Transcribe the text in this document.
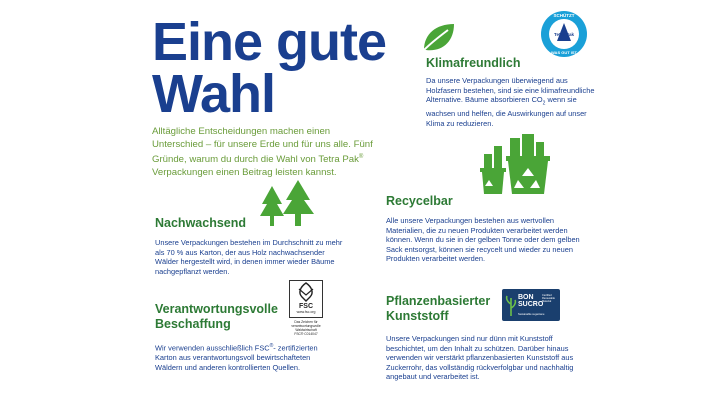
Eine gute
Wahl
Alltägliche Entscheidungen machen einen Unterschied – für unsere Erde und für uns alle. Fünf Gründe, warum du durch die Wahl von Tetra Pak® Verpackungen einen Beitrag leisten kannst.
Nachwachsend
Unsere Verpackungen bestehen im Durchschnitt zu mehr als 70 % aus Karton, der aus Holz nachwachsender Wälder hergestellt wird, in denen immer wieder Bäume nachgepflanzt werden.
Verantwortungsvolle
Beschaffung
Wir verwenden ausschließlich FSC®- zertifizierten Karton aus verantwortungsvoll bewirtschafteten Wäldern und anderen kontrollierten Quellen.
FSC
www.fsc.org
Das Zeichen für verantwortungsvolle Waldwirtschaft
FSC® C014047
Klimafreundlich
Da unsere Verpackungen überwiegend aus Holzfasern bestehen, sind sie eine klimafreundliche Alternative. Bäume absorbieren $CO_2$ wenn sie wachsen und helfen, die Auswirkungen auf unser Klima zu reduzieren.
SCHÜTZT
Tetra Pak
WAS GUT IST
Recycelbar
Alle unsere Verpackungen bestehen aus wertvollen Materialien, die zu neuen Produkten verarbeitet werden können. Wenn du sie in der gelben Tonne oder dem gelben Sack entsorgst, können sie recycelt und wieder zu neuen Produkten verarbeitet werden.
Pflanzenbasierter
Kunststoff
Unsere Verpackungen sind nur dünn mit Kunststoff beschichtet, um den Inhalt zu schützen. Darüber hinaus verwenden wir verstärkt pflanzenbasierten Kunststoff aus Zuckerrohr, das vollständig rückverfolgbar und nachhaltig angebaut und verarbeitet ist.
BON
SUCRO
Certified Renewable Material
Sustainable sugarcane
